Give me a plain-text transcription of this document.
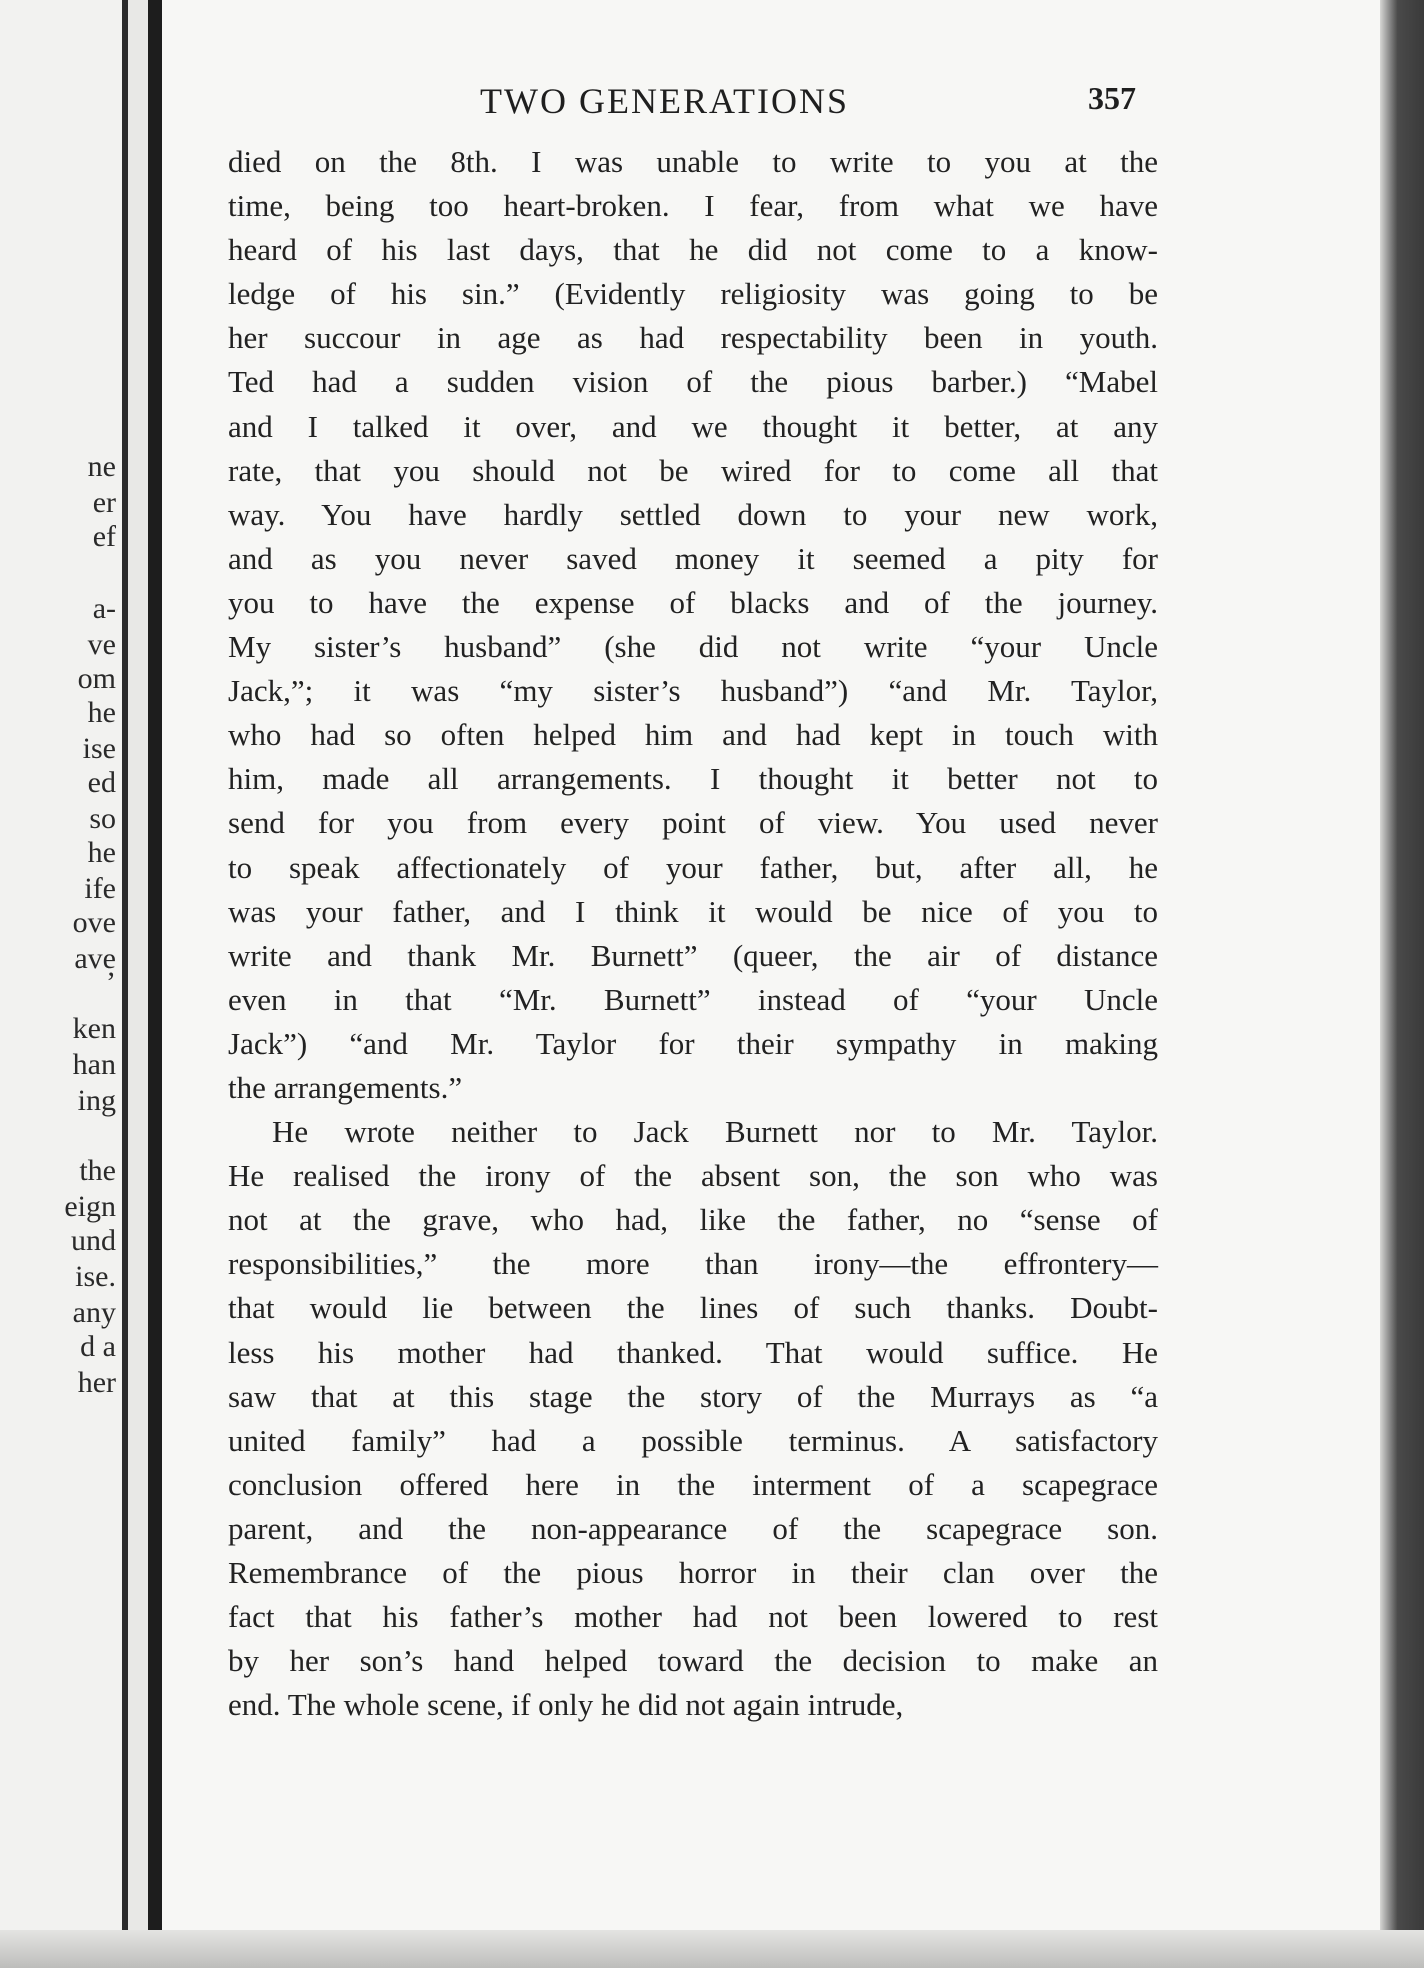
ne
er
ef
a-
ve
om
he
ise
ed
so
he
ife
ove
ave
’
ken
han
ing
the
eign
und
ise.
any
d a
her
TWO GENERATIONS	357
died on the 8th. I was unable to write to you at the
time, being too heart-broken. I fear, from what we have
heard of his last days, that he did not come to a know-
ledge of his sin.” (Evidently religiosity was going to be
her succour in age as had respectability been in youth.
Ted had a sudden vision of the pious barber.) “Mabel
and I talked it over, and we thought it better, at any
rate, that you should not be wired for to come all that
way. You have hardly settled down to your new work,
and as you never saved money it seemed a pity for
you to have the expense of blacks and of the journey.
My sister’s husband” (she did not write “your Uncle
Jack,”; it was “my sister’s husband”) “and Mr. Taylor,
who had so often helped him and had kept in touch with
him, made all arrangements. I thought it better not to
send for you from every point of view. You used never
to speak affectionately of your father, but, after all, he
was your father, and I think it would be nice of you to
write and thank Mr. Burnett” (queer, the air of distance
even in that “Mr. Burnett” instead of “your Uncle
Jack”) “and Mr. Taylor for their sympathy in making
the arrangements.”
He wrote neither to Jack Burnett nor to Mr. Taylor.
He realised the irony of the absent son, the son who was
not at the grave, who had, like the father, no “sense of
responsibilities,” the more than irony—the effrontery—
that would lie between the lines of such thanks. Doubt-
less his mother had thanked. That would suffice. He
saw that at this stage the story of the Murrays as “a
united family” had a possible terminus. A satisfactory
conclusion offered here in the interment of a scapegrace
parent, and the non-appearance of the scapegrace son.
Remembrance of the pious horror in their clan over the
fact that his father’s mother had not been lowered to rest
by her son’s hand helped toward the decision to make an
end. The whole scene, if only he did not again intrude,
